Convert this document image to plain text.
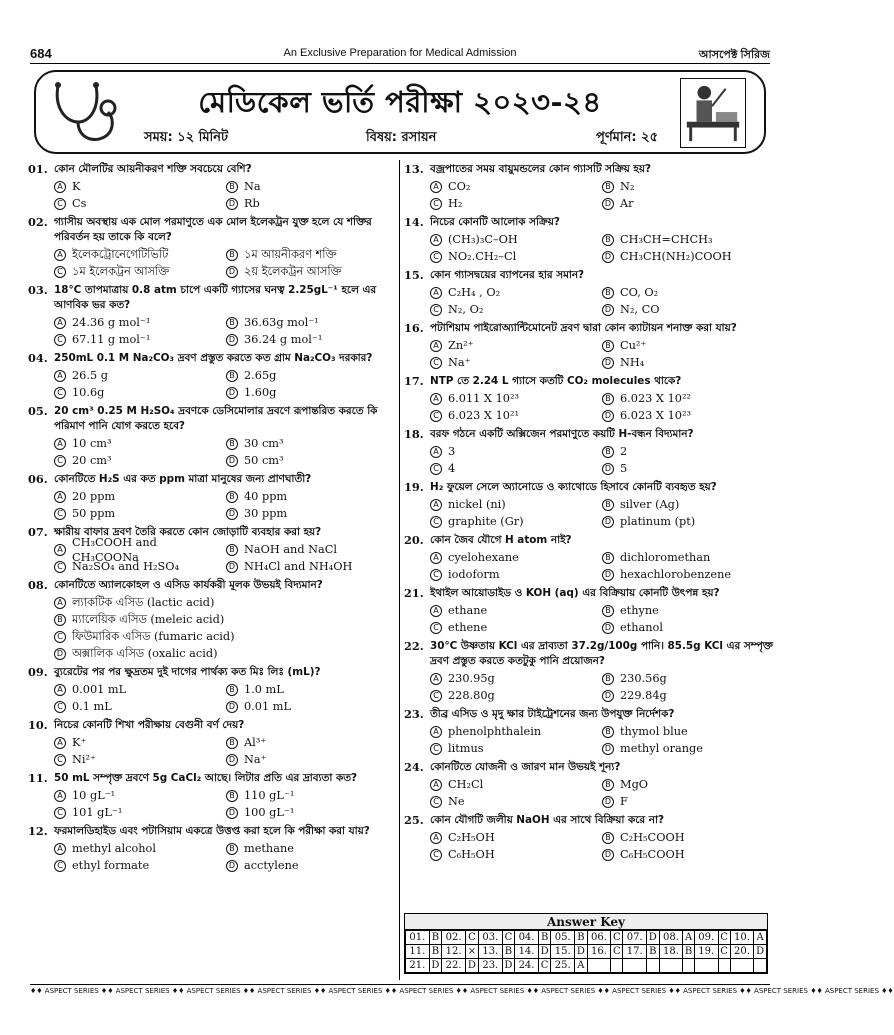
684	An Exclusive Preparation for Medical Admission	আসপেক্ট সিরিজ
মেডিকেল ভর্তি পরীক্ষা ২০২৩-২৪
সময়: ১২ মিনিট	বিষয়: রসায়ন	পূর্ণমান: ২৫
01. কোন মৌলটির আয়নীকরণ শক্তি সবচেয়ে বেশি?
A K	B Na
C Cs	D Rb
02. গ্যাসীয় অবস্থায় এক মোল পরমাণুতে এক মোল ইলেকট্রন যুক্ত হলে যে শক্তির পরিবর্তন হয় তাকে কি বলে?
A ইলেকট্রোনেগেটিভিটি	B ১ম আয়নীকরণ শক্তি
C ১ম ইলেকট্রন আসক্তি	D ২য় ইলেকট্রন আসক্তি
03. 18°C তাপমাত্রায় 0.8 atm চাপে একটি গ্যাসের ঘনত্ব 2.25gL⁻¹ হলে এর আণবিক ভর কত?
A 24.36 g mol⁻¹	B 36.63g mol⁻¹
C 67.11 g mol⁻¹	D 36.24 g mol⁻¹
04. 250mL 0.1 M Na₂CO₃ দ্রবণ প্রস্তুত করতে কত গ্রাম Na₂CO₃ দরকার?
A 26.5 g	B 2.65g
C 10.6g	D 1.60g
05. 20 cm³ 0.25 M H₂SO₄ দ্রবণকে ডেসিমোলার দ্রবণে রূপান্তরিত করতে কি পরিমাণ পানি যোগ করতে হবে?
A 10 cm³	B 30 cm³
C 20 cm³	D 50 cm³
06. কোনটিতে H₂S এর কত ppm মাত্রা মানুষের জন্য প্রাণঘাতী?
A 20 ppm	B 40 ppm
C 50 ppm	D 30 ppm
07. ক্ষারীয় বাফার দ্রবণ তৈরি করতে কোন জোড়াটি ব্যবহার করা হয়?
A
CH₃COOH and CH₃COONa
B NaOH and NaCl
C Na₂SO₄ and H₂SO₄	D NH₄Cl and NH₄OH
08. কোনটিতে অ্যালকোহল ও এসিড কার্যকরী মূলক উভয়ই বিদ্যমান?
A ল্যাকটিক এসিড (lactic acid)
B ম্যালেয়িক এসিড (meleic acid)
C ফিউমারিক এসিড (fumaric acid)
D অক্সালিক এসিড (oxalic acid)
09. ব্যুরেটের পর পর ক্ষুদ্রতম দুই দাগের পার্থক্য কত মিঃ লিঃ (mL)?
A 0.001 mL	B 1.0 mL
C 0.1 mL	D 0.01 mL
10. নিচের কোনটি শিখা পরীক্ষায় বেগুনী বর্ণ দেয়?
A K⁺	B Al³⁺
C Ni²⁺	D Na⁺
11. 50 mL সম্পৃক্ত দ্রবণে 5g CaCl₂ আছে। লিটার প্রতি এর দ্রাব্যতা কত?
A 10 gL⁻¹	B 110 gL⁻¹
C 101 gL⁻¹	D 100 gL⁻¹
12. ফরমালডিহাইড এবং পটাসিয়াম একত্রে উত্তপ্ত করা হলে কি পরীক্ষা করা যায়?
A methyl alcohol	B methane
C ethyl formate	D acctylene
13. বজ্রপাতের সময় বায়ুমন্ডলের কোন গ্যাসটি সক্রিয় হয়?
A CO₂	B N₂
C H₂	D Ar
14. নিচের কোনটি আলোক সক্রিয়?
A (CH₃)₃C–OH	B CH₃CH=CHCH₃
C NO₂.CH₂–Cl	D CH₃CH(NH₂)COOH
15. কোন গ্যাসদ্বয়ের ব্যাপনের হার সমান?
A C₂H₄ , O₂	B CO, O₂
C N₂, O₂	D N₂, CO
16. পটাশিয়াম পাইরোঅ্যান্টিমোনেট দ্রবণ দ্বারা কোন ক্যাটায়ন শনাক্ত করা যায়?
A Zn²⁺	B Cu²⁺
C Na⁺	D NH₄
17. NTP তে 2.24 L গ্যাসে কতটি CO₂ molecules থাকে?
A 6.011 X 10²³	B 6.023 X 10²²
C 6.023 X 10²¹	D 6.023 X 10²³
18. বরফ গঠনে একটি অক্সিজেন পরমাণুতে কয়টি H-বন্ধন বিদ্যমান?
A 3	B 2
C 4	D 5
19. H₂ ফুয়েল সেলে অ্যানোডে ও ক্যাথোডে হিসাবে কোনটি ব্যবহৃত হয়?
A nickel (ni)	B silver (Ag)
C graphite (Gr)	D platinum (pt)
20. কোন জৈব যৌগে H atom নাই?
A cyelohexane	B dichloromethan
C iodoform	D hexachlorobenzene
21. ইথাইল আয়োডাইড ও KOH (aq) এর বিক্রিয়ায় কোনটি উৎপন্ন হয়?
A ethane	B ethyne
C ethene	D ethanol
22. 30°C উষ্ণতায় KCl এর দ্রাব্যতা 37.2g/100g পানি। 85.5g KCl এর সম্পৃক্ত দ্রবণ প্রস্তুত করতে কতটুকু পানি প্রয়োজন?
A 230.95g	B 230.56g
C 228.80g	D 229.84g
23. তীব্র এসিড ও মৃদু ক্ষার টাইট্রেশনের জন্য উপযুক্ত নির্দেশক?
A phenolphthalein	B thymol blue
C litmus	D methyl orange
24. কোনটিতে যোজনী ও জারণ মান উভয়ই শূন্য?
A CH₂Cl	B MgO
C Ne	D F
25. কোন যৌগটি জলীয় NaOH এর সাথে বিক্রিয়া করে না?
A C₂H₅OH	B C₂H₅COOH
C C₆H₅OH	D C₆H₅COOH
Answer Key
01.	B	02.	C	03.	C	04.	B	05.	B	06.	C	07.	D	08.	A	09.	C	10.	A
11.	B	12.	×	13.	B	14.	D	15.	D	16.	C	17.	B	18.	B	19.	C	20.	D
21.	D	22.	D	23.	D	24.	C	25.	A										
♦♦ ASPECT SERIES ♦♦ ASPECT SERIES ♦♦ ASPECT SERIES ♦♦ ASPECT SERIES ♦♦ ASPECT SERIES ♦♦ ASPECT SERIES ♦♦ ASPECT SERIES ♦♦ ASPECT SERIES ♦♦ ASPECT SERIES ♦♦ ASPECT SERIES ♦♦ ASPECT SERIES ♦♦ ASPECT SERIES ♦♦
